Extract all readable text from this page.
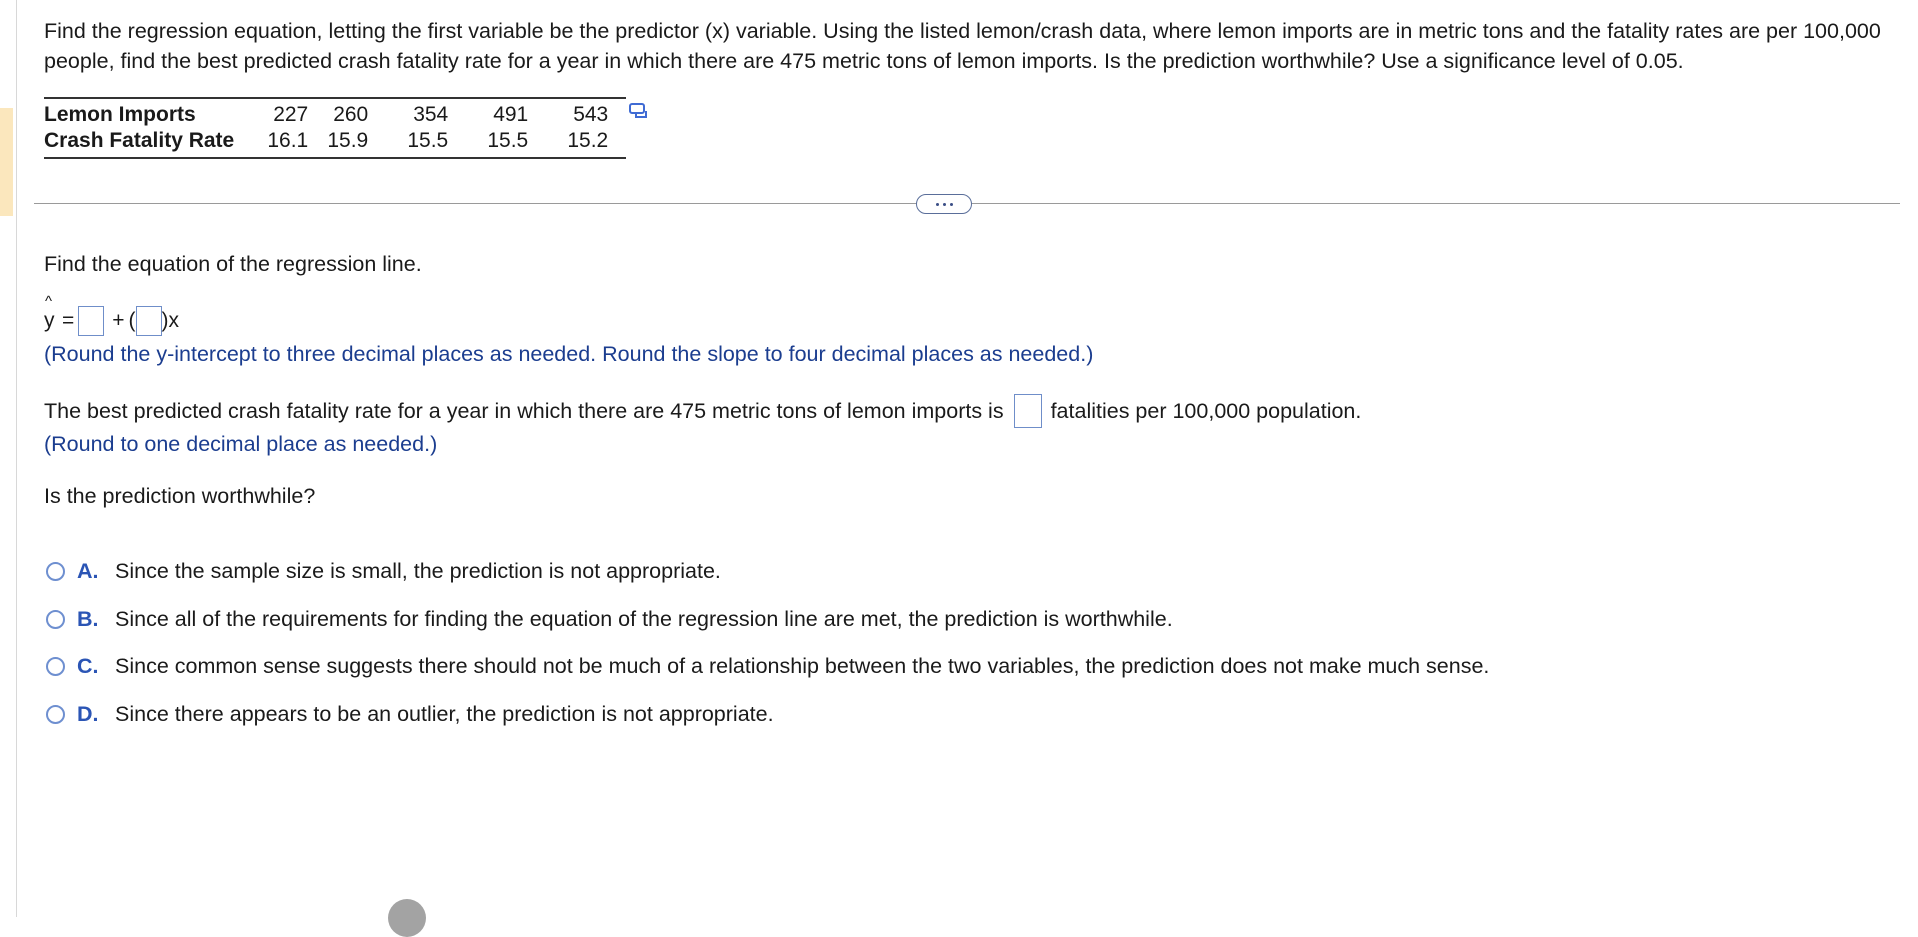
Find the regression equation, letting the first variable be the predictor (x) variable. Using the listed lemon/crash data, where lemon imports are in metric tons and the fatality rates are per 100,000 people, find the best predicted crash fatality rate for a year in which there are 475 metric tons of lemon imports. Is the prediction worthwhile? Use a significance level of 0.05.
Lemon Imports	227	260	354	491	543
Crash Fatality Rate	16.1	15.9	15.5	15.5	15.2
Find the equation of the regression line.
^
y = + ( )x
(Round the y-intercept to three decimal places as needed. Round the slope to four decimal places as needed.)
The best predicted crash fatality rate for a year in which there are 475 metric tons of lemon imports is fatalities per 100,000 population.
(Round to one decimal place as needed.)
Is the prediction worthwhile?
A. Since the sample size is small, the prediction is not appropriate.
B. Since all of the requirements for finding the equation of the regression line are met, the prediction is worthwhile.
C. Since common sense suggests there should not be much of a relationship between the two variables, the prediction does not make much sense.
D. Since there appears to be an outlier, the prediction is not appropriate.
